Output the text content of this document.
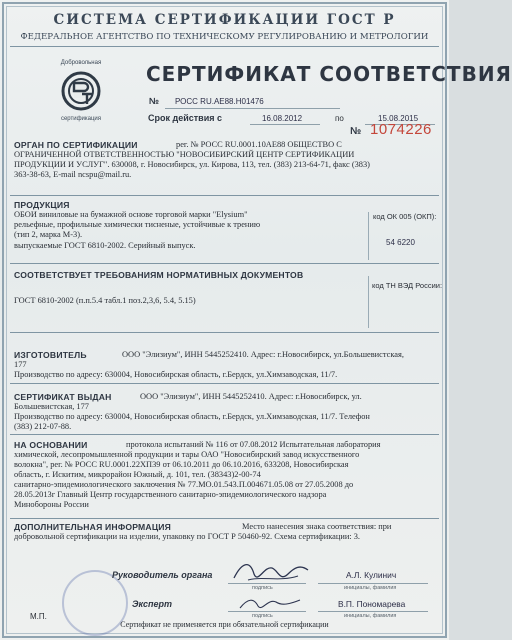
СИСТЕМА СЕРТИФИКАЦИИ ГОСТ Р
ФЕДЕРАЛЬНОЕ АГЕНТСТВО ПО ТЕХНИЧЕСКОМУ РЕГУЛИРОВАНИЮ И МЕТРОЛОГИИ
Добровольная
сертификация
СЕРТИФИКАТ СООТВЕТСТВИЯ
№ РОСС RU.АЕ88.Н01476
Срок действия с	16.08.2012	по	15.08.2015
№ 1074226
ОРГАН ПО СЕРТИФИКАЦИИ	рег. № РОСС RU.0001.10АЕ88 ОБЩЕСТВО С
ОГРАНИЧЕННОЙ ОТВЕТСТВЕННОСТЬЮ "НОВОСИБИРСКИЙ ЦЕНТР СЕРТИФИКАЦИИ
ПРОДУКЦИИ И УСЛУГ". 630008, г. Новосибирск, ул. Кирова, 113, тел. (383) 213-64-71, факс (383)
363-38-63, E-mail ncspu@mail.ru.
ПРОДУКЦИЯ
ОБОИ виниловые на бумажной основе торговой марки "Elysium"
рельефные, профильные химически тисненые, устойчивые к трению
(тип 2, марка М-3).
выпускаемые ГОСТ 6810-2002. Серийный выпуск.
код ОК 005 (ОКП):
54 6220
СООТВЕТСТВУЕТ ТРЕБОВАНИЯМ НОРМАТИВНЫХ ДОКУМЕНТОВ
ГОСТ 6810-2002 (п.п.5.4 табл.1 поз.2,3,6, 5.4, 5.15)
код ТН ВЭД России:
ИЗГОТОВИТЕЛЬ	ООО "Элизиум", ИНН 5445252410. Адрес: г.Новосибирск, ул.Большевистская,
177
Производство по адресу: 630004, Новосибирская область, г.Бердск, ул.Химзаводская, 11/7.
СЕРТИФИКАТ ВЫДАН	ООО "Элизиум", ИНН 5445252410. Адрес: г.Новосибирск, ул.
Большевистская, 177
Производство по адресу: 630004, Новосибирская область, г.Бердск, ул.Химзаводская, 11/7. Телефон
(383) 212-07-88.
НА ОСНОВАНИИ	протокола испытаний № 116 от 07.08.2012 Испытательная лаборатория
химической, лесопромышленной продукции и тары ОАО "Новосибирский завод искусственного
волокна", рег. № РОСС RU.0001.22ХП39 от 06.10.2011 до 06.10.2016, 633208, Новосибирская
область, г. Искитим, микрорайон Южный, д. 101, тел. (38343)2-00-74
санитарно-эпидемиологического заключения № 77.МО.01.543.П.004671.05.08 от 27.05.2008 до
28.05.2013г Главный Центр государственного санитарно-эпидемиологического надзора
Минобороны России
ДОПОЛНИТЕЛЬНАЯ ИНФОРМАЦИЯ	Место нанесения знака соответствия: при
добровольной сертификации на изделии, упаковку по ГОСТ Р 50460-92. Схема сертификации: 3.
М.П.
Руководитель органа
подпись
А.Л. Кулинич
инициалы, фамилия
Эксперт
подпись
В.П. Пономарева
инициалы, фамилия
Сертификат не применяется при обязательной сертификации
